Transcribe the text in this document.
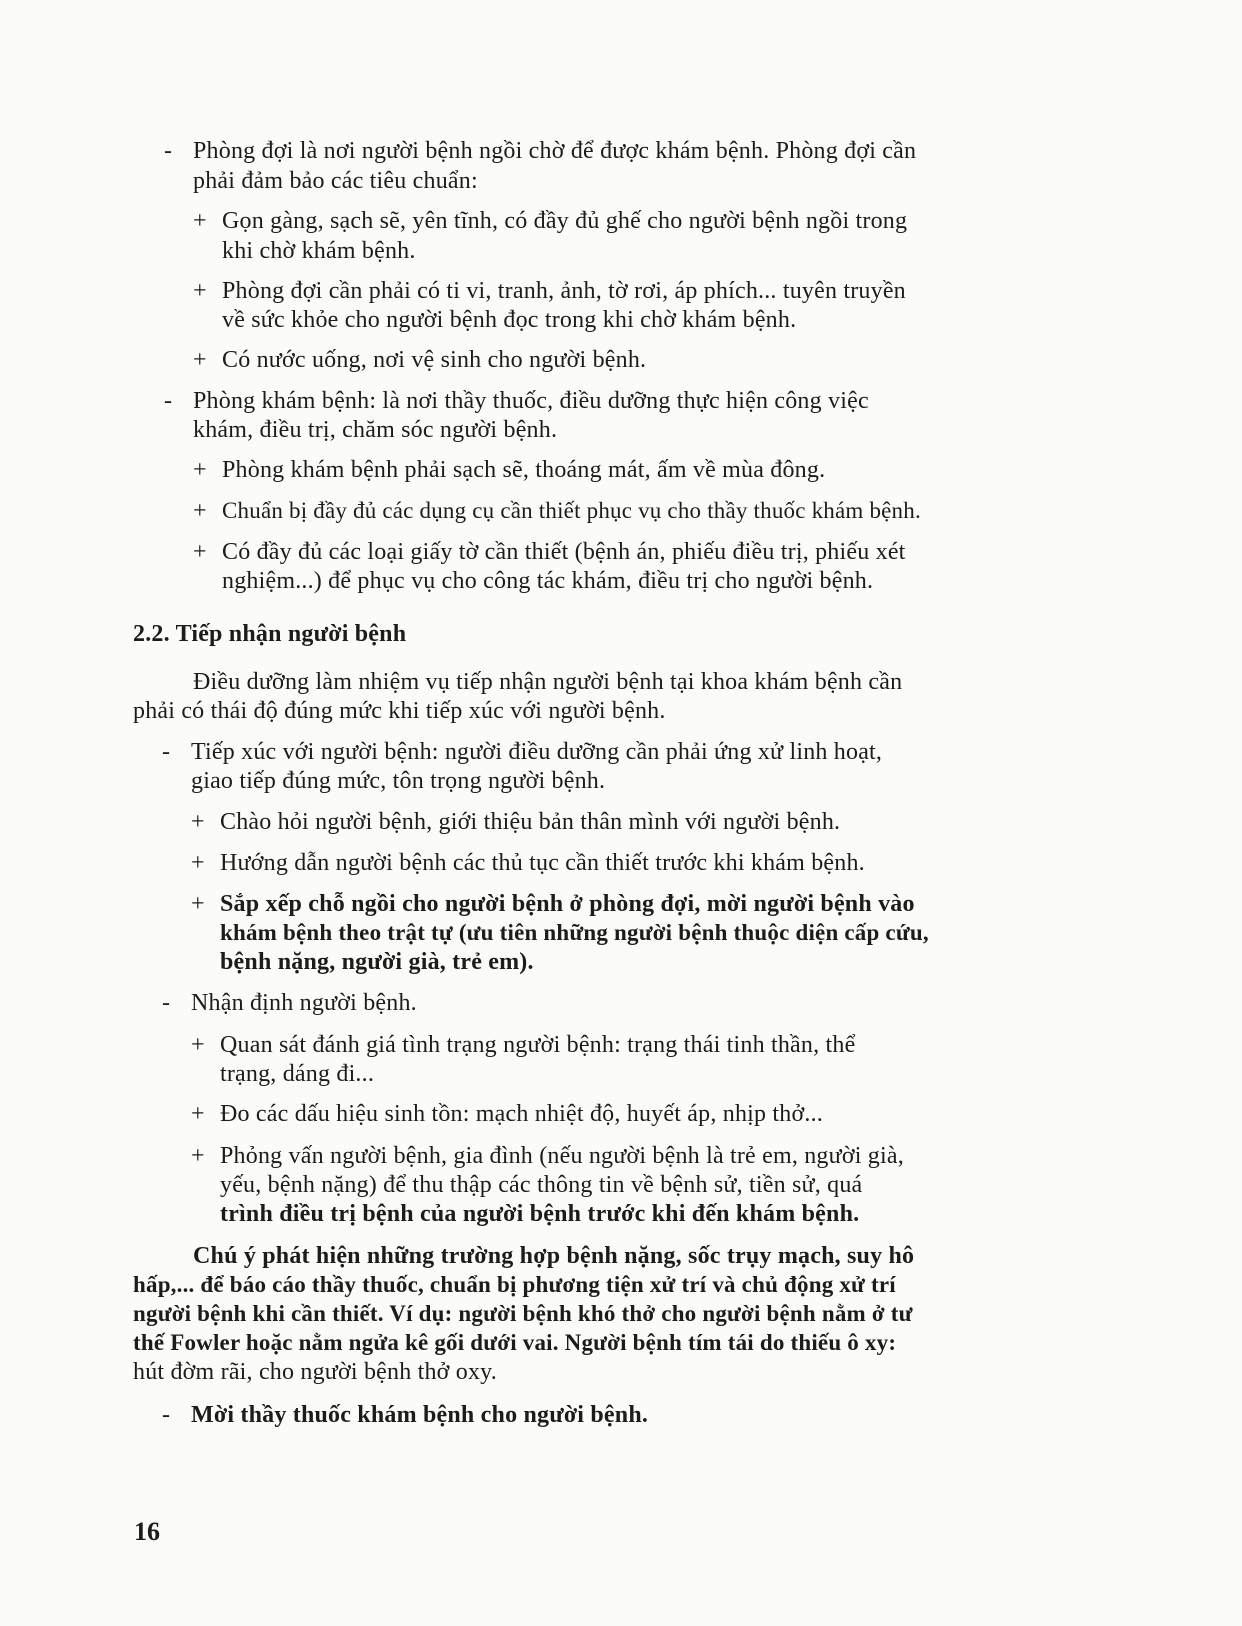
- Phòng đợi là nơi người bệnh ngồi chờ để được khám bệnh. Phòng đợi cần
phải đảm bảo các tiêu chuẩn:
+ Gọn gàng, sạch sẽ, yên tĩnh, có đầy đủ ghế cho người bệnh ngồi trong
khi chờ khám bệnh.
+ Phòng đợi cần phải có ti vi, tranh, ảnh, tờ rơi, áp phích... tuyên truyền
về sức khỏe cho người bệnh đọc trong khi chờ khám bệnh.
+ Có nước uống, nơi vệ sinh cho người bệnh.
- Phòng khám bệnh: là nơi thầy thuốc, điều dưỡng thực hiện công việc
khám, điều trị, chăm sóc người bệnh.
+ Phòng khám bệnh phải sạch sẽ, thoáng mát, ấm về mùa đông.
+ Chuẩn bị đầy đủ các dụng cụ cần thiết phục vụ cho thầy thuốc khám bệnh.
+ Có đầy đủ các loại giấy tờ cần thiết (bệnh án, phiếu điều trị, phiếu xét
nghiệm...) để phục vụ cho công tác khám, điều trị cho người bệnh.
2.2. Tiếp nhận người bệnh
Điều dưỡng làm nhiệm vụ tiếp nhận người bệnh tại khoa khám bệnh cần
phải có thái độ đúng mức khi tiếp xúc với người bệnh.
- Tiếp xúc với người bệnh: người điều dưỡng cần phải ứng xử linh hoạt,
giao tiếp đúng mức, tôn trọng người bệnh.
+ Chào hỏi người bệnh, giới thiệu bản thân mình với người bệnh.
+ Hướng dẫn người bệnh các thủ tục cần thiết trước khi khám bệnh.
+ Sắp xếp chỗ ngồi cho người bệnh ở phòng đợi, mời người bệnh vào
khám bệnh theo trật tự (ưu tiên những người bệnh thuộc diện cấp cứu,
bệnh nặng, người già, trẻ em).
- Nhận định người bệnh.
+ Quan sát đánh giá tình trạng người bệnh: trạng thái tinh thần, thể
trạng, dáng đi...
+ Đo các dấu hiệu sinh tồn: mạch nhiệt độ, huyết áp, nhịp thở...
+ Phỏng vấn người bệnh, gia đình (nếu người bệnh là trẻ em, người già,
yếu, bệnh nặng) để thu thập các thông tin về bệnh sử, tiền sử, quá
trình điều trị bệnh của người bệnh trước khi đến khám bệnh.
Chú ý phát hiện những trường hợp bệnh nặng, sốc trụy mạch, suy hô
hấp,... để báo cáo thầy thuốc, chuẩn bị phương tiện xử trí và chủ động xử trí
người bệnh khi cần thiết. Ví dụ: người bệnh khó thở cho người bệnh nằm ở tư
thế Fowler hoặc nằm ngửa kê gối dưới vai. Người bệnh tím tái do thiếu ô xy:
hút đờm rãi, cho người bệnh thở oxy.
- Mời thầy thuốc khám bệnh cho người bệnh.
16
